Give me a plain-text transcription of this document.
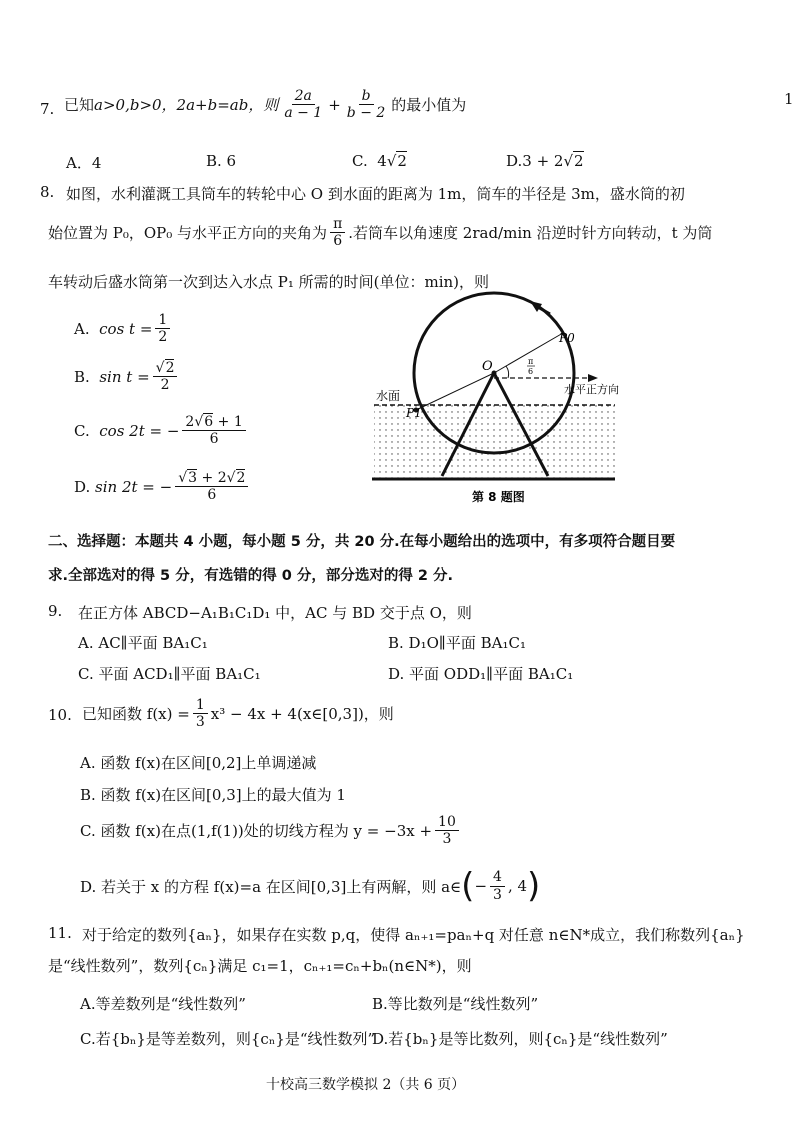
1
7. 已知 a>0,b>0，2a+b=ab，则 $\frac{2a}{a - 1} + \frac{b}{b - 2}$ 的最小值为
A．4	B. 6	C. 4√2	D.3 + 2√2
8. 如图，水利灌溉工具筒车的转轮中心 O 到水面的距离为 1m，筒车的半径是 3m，盛水筒的初
始位置为 P₀，OP₀ 与水平正方向的夹角为 $\frac{\pi}{6}$ .若筒车以角速度 2rad/min 沿逆时针方向转动，t 为筒
车转动后盛水筒第一次到达入水点 P₁ 所需的时间(单位：min)，则
A.
$\cos t = \frac{1}{2}$
B.
$\sin t = \frac{√2}{2}$
C.
cos 2t = − $\frac{2√6 + 1}{6}$
D.
sin 2t = − $\frac{√3 + 2√2}{6}$
O
P0
P1
水面	水平正方向
π
6
第 8 题图
二、选择题：本题共 4 小题，每小题 5 分，共 20 分.在每小题给出的选项中，有多项符合题目要
求.全部选对的得 5 分，有选错的得 0 分，部分选对的得 2 分.
9. 在正方体 ABCD−A₁B₁C₁D₁ 中，AC 与 BD 交于点 O，则
A. AC∥平面 BA₁C₁	B. D₁O∥平面 BA₁C₁
C. 平面 ACD₁∥平面 BA₁C₁	D. 平面 ODD₁∥平面 BA₁C₁
10. 已知函数 $f(x) = \frac{1}{3} x^3 - 4x$ + 4(x∈[0,3])，则
A. 函数 f(x)在区间[0,2]上单调递减
B. 函数 f(x)在区间[0,3]上的最大值为 1
C. 函数 f(x)在点(1,f(1))处的切线方程为 $y = -3x + \frac{10}{3}$
D. 若关于 x 的方程 f(x)=a 在区间[0,3]上有两解，则 a∈ ( − $\frac{4}{3}$ , 4 )
11. 对于给定的数列{aₙ}，如果存在实数 p,q，使得 aₙ₊₁=paₙ+q 对任意 n∈N*成立，我们称数列{aₙ}
是“线性数列”，数列{cₙ}满足 c₁=1，cₙ₊₁=cₙ+bₙ(n∈N*)，则
A.等差数列是“线性数列”	B.等比数列是“线性数列”
C.若{bₙ}是等差数列，则{cₙ}是“线性数列”
D.若{bₙ}是等比数列，则{cₙ}是“线性数列”
十校高三数学模拟 2（共 6 页）
